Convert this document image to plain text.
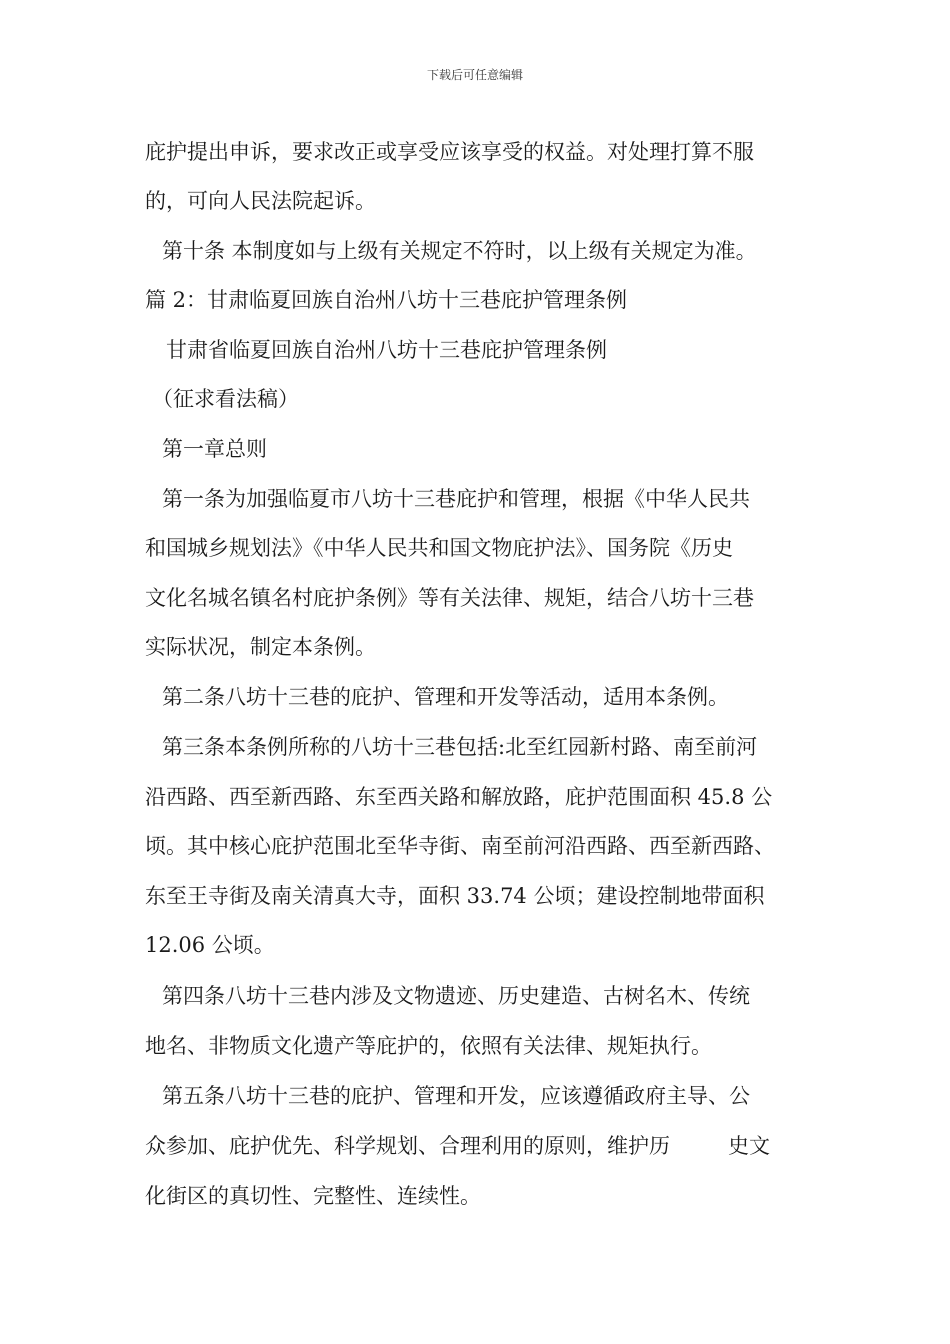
下载后可任意编辑
庇护提出申诉，要求改正或享受应该享受的权益。对处理打算不服
的，可向人民法院起诉。
第十条 本制度如与上级有关规定不符时，以上级有关规定为准。
篇 2：甘肃临夏回族自治州八坊十三巷庇护管理条例
甘肃省临夏回族自治州八坊十三巷庇护管理条例
（征求看法稿）
第一章总则
第一条为加强临夏市八坊十三巷庇护和管理，根据《中华人民共
和国城乡规划法》《中华人民共和国文物庇护法》、国务院《历史
文化名城名镇名村庇护条例》等有关法律、规矩，结合八坊十三巷
实际状况，制定本条例。
第二条八坊十三巷的庇护、管理和开发等活动，适用本条例。
第三条本条例所称的八坊十三巷包括:北至红园新村路、南至前河
沿西路、西至新西路、东至西关路和解放路，庇护范围面积 45.8 公
顷。其中核心庇护范围北至华寺街、南至前河沿西路、西至新西路、
东至王寺街及南关清真大寺，面积 33.74 公顷；建设控制地带面积
12.06 公顷。
第四条八坊十三巷内涉及文物遗迹、历史建造、古树名木、传统
地名、非物质文化遗产等庇护的，依照有关法律、规矩执行。
第五条八坊十三巷的庇护、管理和开发，应该遵循政府主导、公
众参加、庇护优先、科学规划、合理利用的原则，维护历	史文
化街区的真切性、完整性、连续性。
